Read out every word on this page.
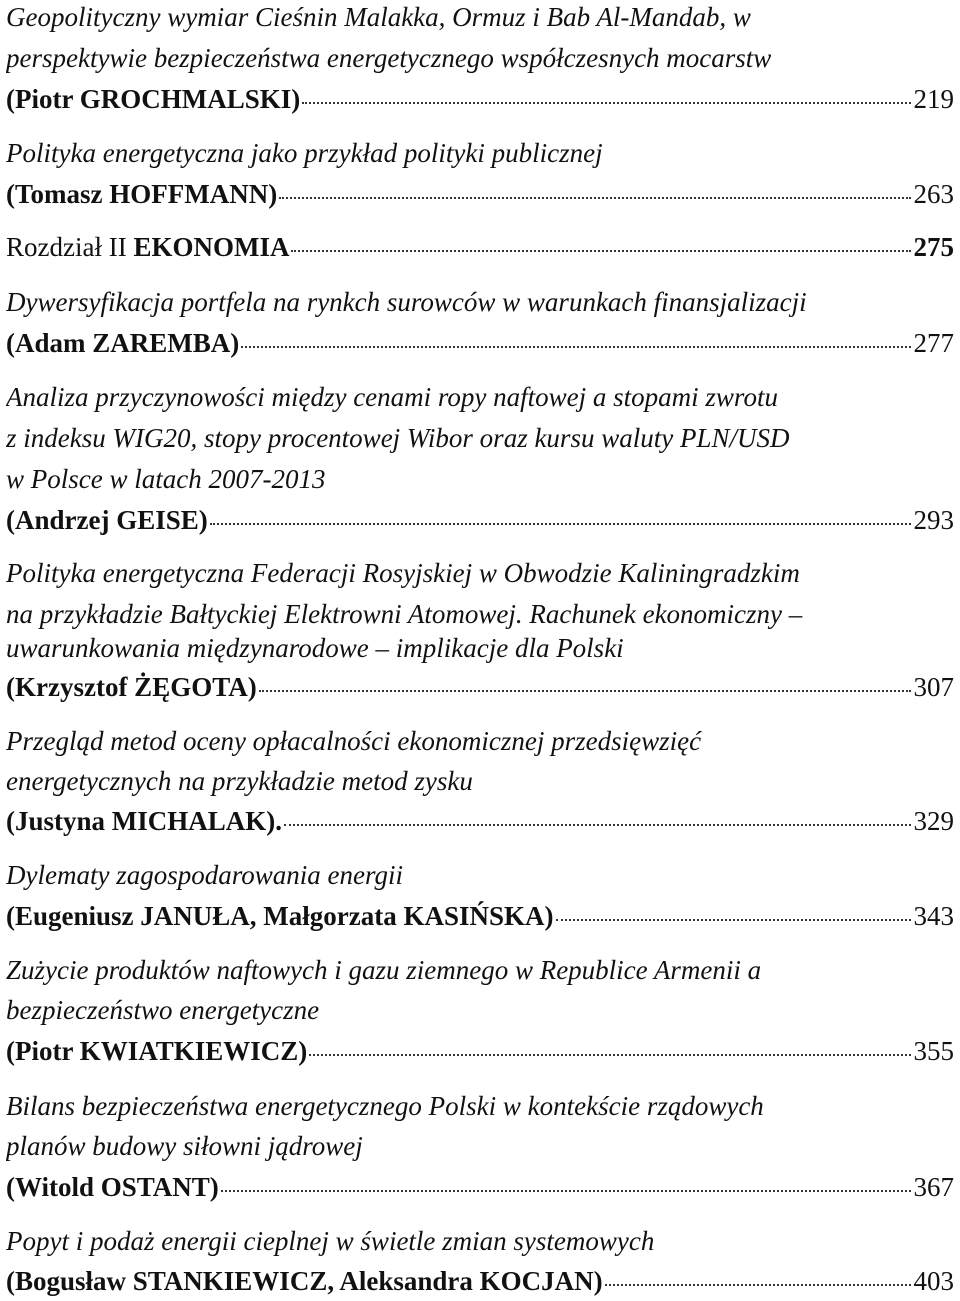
Geopolityczny wymiar Cieśnin Malakka, Ormuz i Bab Al-Mandab, w
perspektywie bezpieczeństwa energetycznego współczesnych mocarstw
(Piotr GROCHMALSKI)	219
Polityka energetyczna jako przykład polityki publicznej
(Tomasz HOFFMANN)	263
Rozdział II EKONOMIA	275
Dywersyfikacja portfela na rynkch surowców w warunkach finansjalizacji
(Adam ZAREMBA)	277
Analiza przyczynowości między cenami ropy naftowej a stopami zwrotu
z indeksu WIG20, stopy procentowej Wibor oraz kursu waluty PLN/USD
w Polsce w latach 2007-2013
(Andrzej GEISE)	293
Polityka energetyczna Federacji Rosyjskiej w Obwodzie Kaliningradzkim
na przykładzie Bałtyckiej Elektrowni Atomowej. Rachunek ekonomiczny –
uwarunkowania międzynarodowe – implikacje dla Polski
(Krzysztof ŻĘGOTA)	307
Przegląd metod oceny opłacalności ekonomicznej przedsięwzięć
energetycznych na przykładzie metod zysku
(Justyna MICHALAK).	329
Dylematy zagospodarowania energii
(Eugeniusz JANUŁA, Małgorzata KASIŃSKA)	343
Zużycie produktów naftowych i gazu ziemnego w Republice Armenii a
bezpieczeństwo energetyczne
(Piotr KWIATKIEWICZ)	355
Bilans bezpieczeństwa energetycznego Polski w kontekście rządowych
planów budowy siłowni jądrowej
(Witold OSTANT)	367
Popyt i podaż energii cieplnej w świetle zmian systemowych
(Bogusław STANKIEWICZ, Aleksandra KOCJAN)	403
